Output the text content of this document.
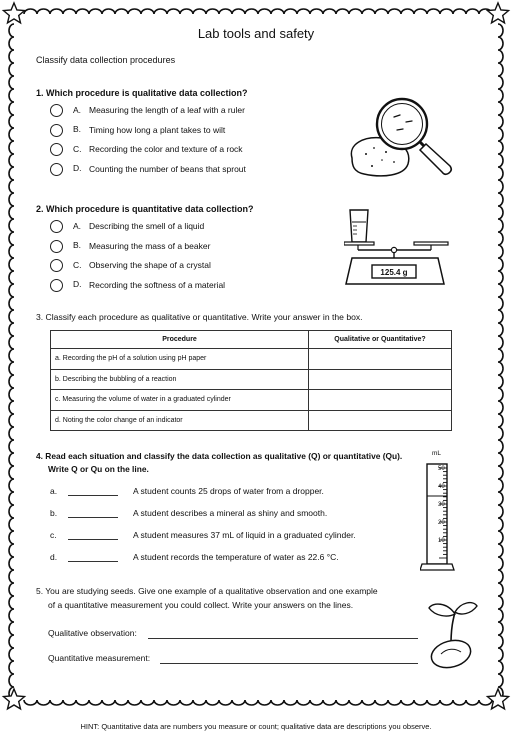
Lab tools and safety
Classify data collection procedures
1. Which procedure is qualitative data collection?
A. Measuring the length of a leaf with a ruler
B. Timing how long a plant takes to wilt
C. Recording the color and texture of a rock
D. Counting the number of beans that sprout
2. Which procedure is quantitative data collection?
A. Describing the smell of a liquid
B. Measuring the mass of a beaker
C. Observing the shape of a crystal
D. Recording the softness of a material
125.4 g
3. Classify each procedure as qualitative or quantitative. Write your answer in the box.
Procedure	Qualitative or Quantitative?
a. Recording the pH of a solution using pH paper	
b. Describing the bubbling of a reaction	
c. Measuring the volume of water in a graduated cylinder	
d. Noting the color change of an indicator	
4. Read each situation and classify the data collection as qualitative (Q) or quantitative (Qu).
Write Q or Qu on the line.
a.	A student counts 25 drops of water from a dropper.
b.	A student describes a mineral as shiny and smooth.
c.	A student measures 37 mL of liquid in a graduated cylinder.
d.	A student records the temperature of water as 22.6 °C.
mL
50
40
30
20
10
5. You are studying seeds. Give one example of a qualitative observation and one example
of a quantitative measurement you could collect. Write your answers on the lines.
Qualitative observation:
Quantitative measurement:
HINT: Quantitative data are numbers you measure or count; qualitative data are descriptions you observe.
